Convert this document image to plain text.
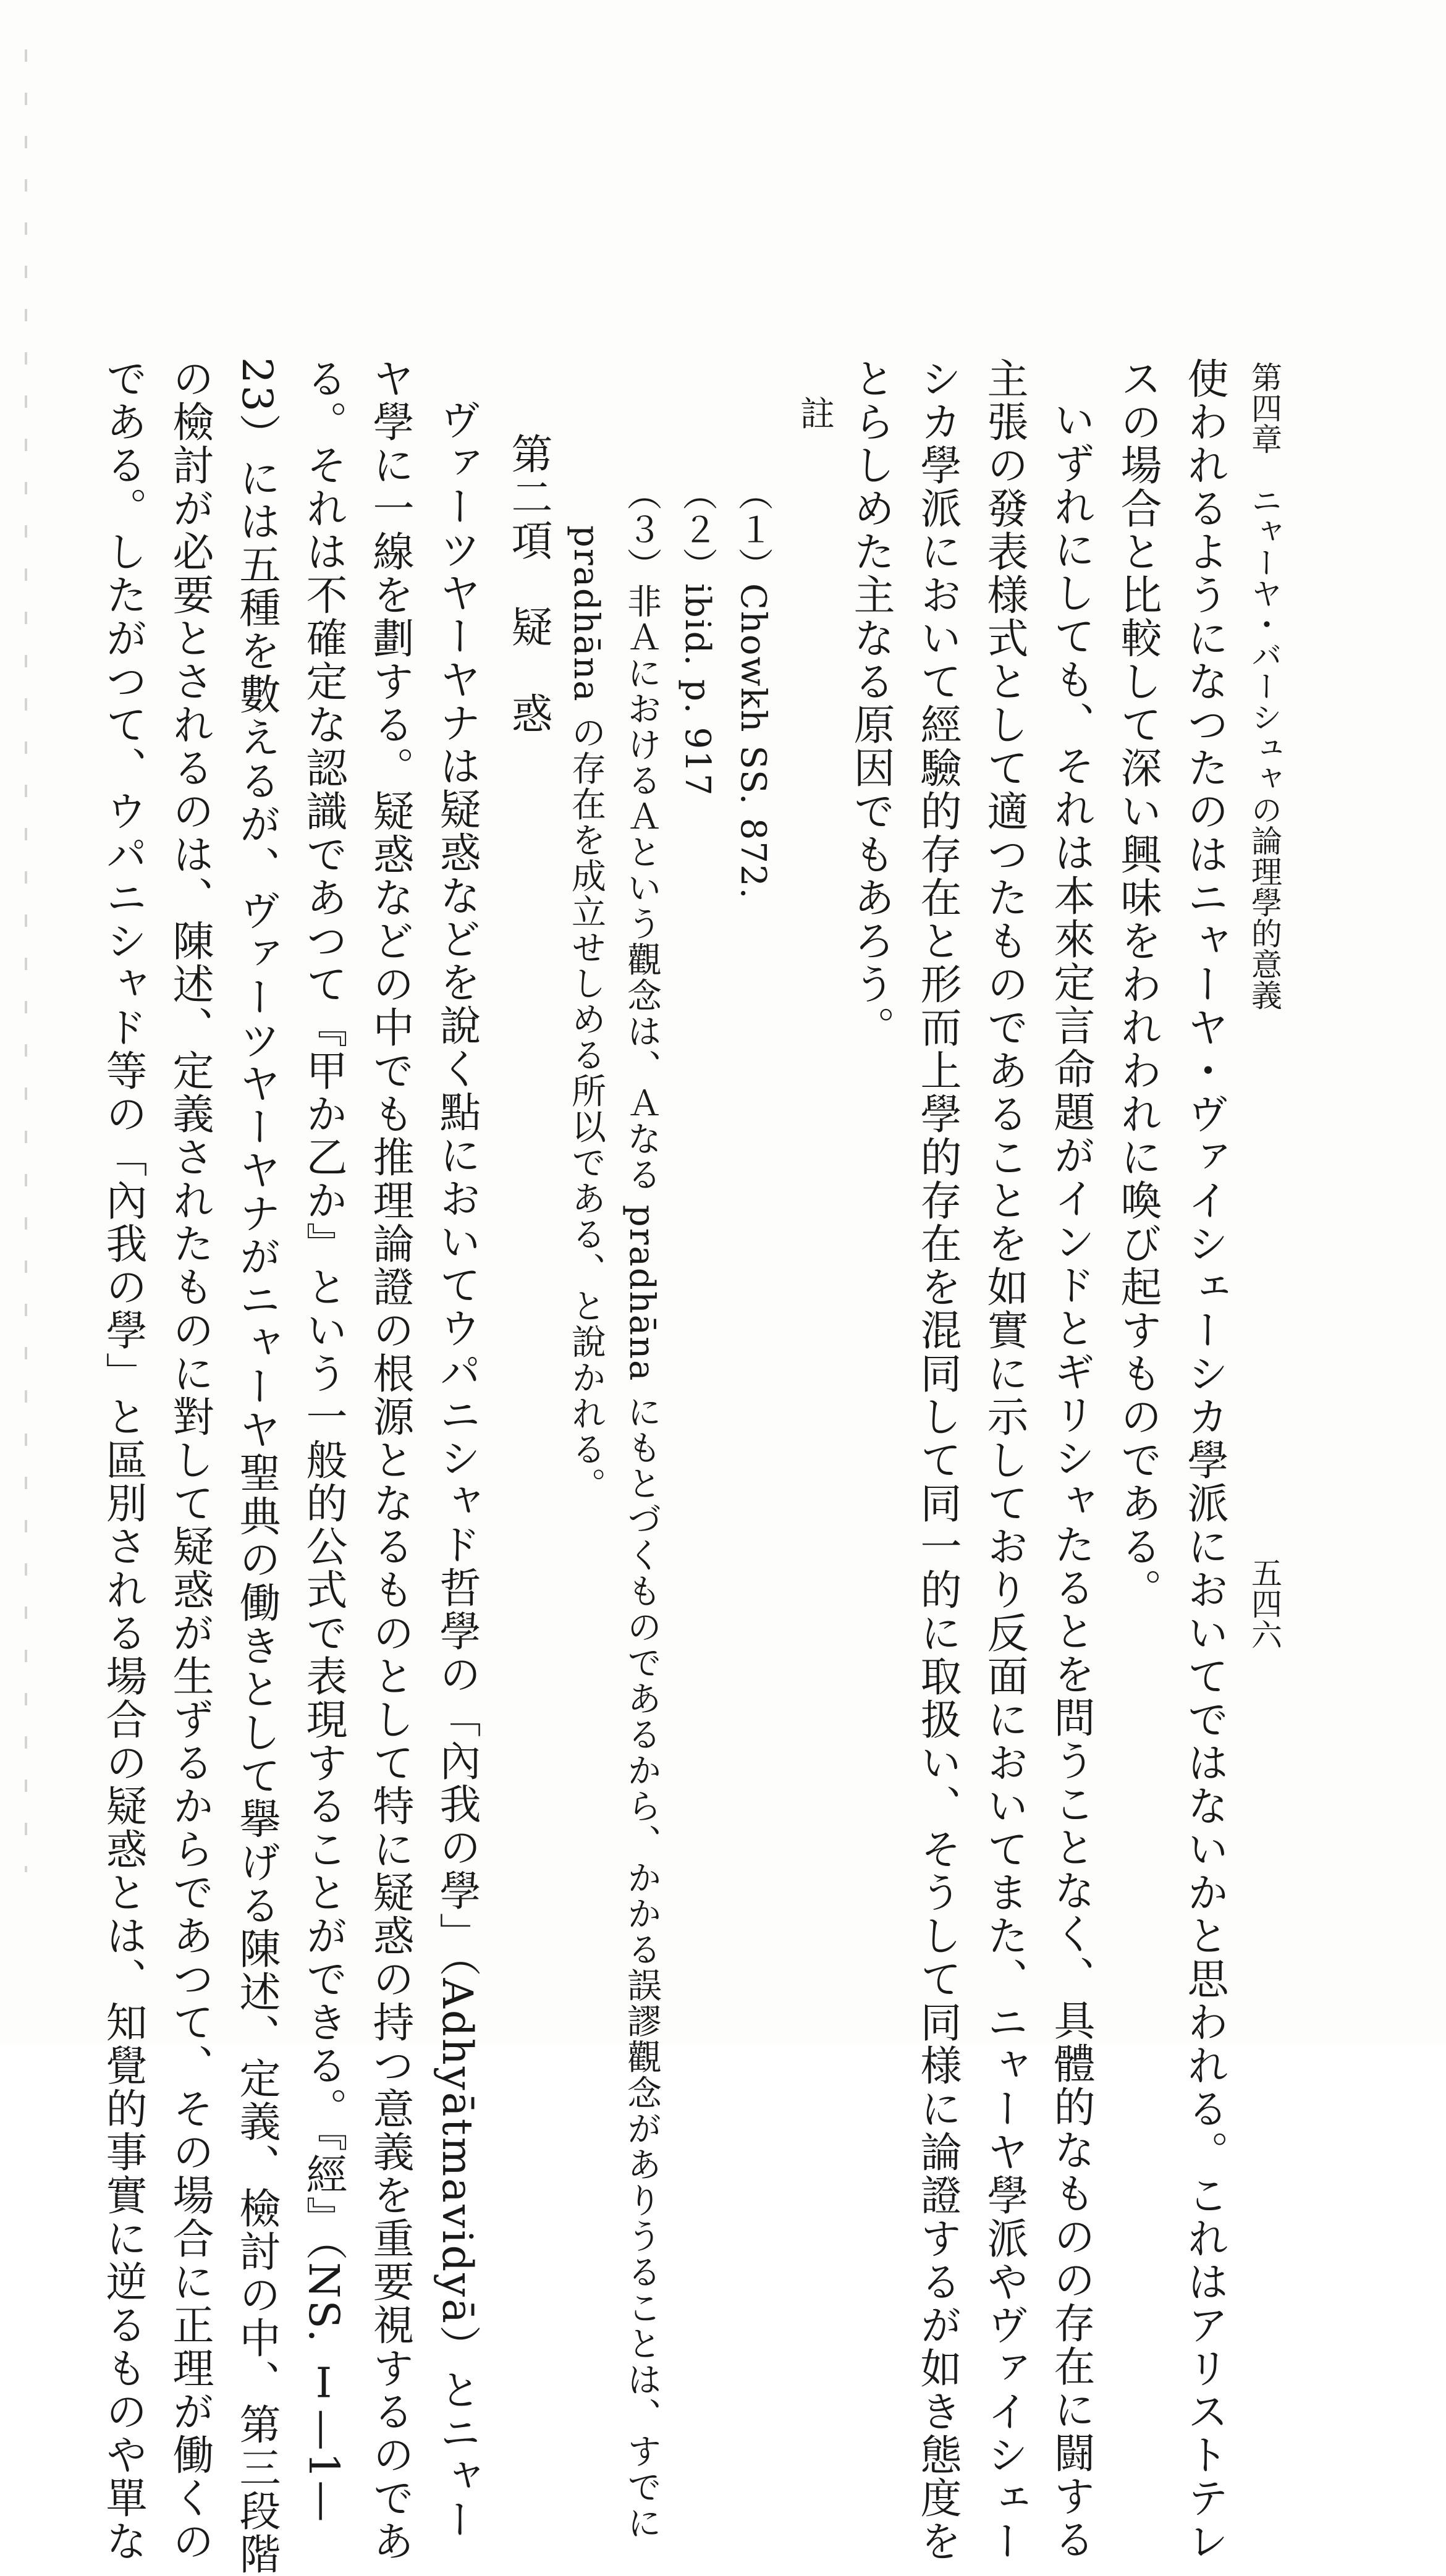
第四章　ニャーヤ・バーシュャの論理學的意義
五四六
使われるようになつたのはニャーヤ・ヴァイシェーシカ學派においてではないかと思われる。これはアリストテレ
スの場合と比較して深い興味をわれわれに喚び起すものである。
いずれにしても、それは本來定言命題がインドとギリシャたるとを問うことなく、具體的なものの存在に闘する
主張の發表様式として適つたものであることを如實に示しており反面においてまた、ニャーヤ學派やヴァイシェー
シカ學派において經驗的存在と形而上學的存在を混同して同一的に取扱い、そうして同様に論證するが如き態度を
とらしめた主なる原因でもあろう。
註
（１）Chowkh SS. 872.
（２）ibid. p. 917
（３）非ＡにおけるＡという觀念は、Ａなる pradhāna にもとづくものであるから、かかる誤謬觀念がありうることは、すでに
pradhāna の存在を成立せしめる所以である、と說かれる。
第二項　疑　惑
ヴァーツヤーヤナは疑惑などを說く點においてウパニシャド哲學の「內我の學」（Adhyātmavidyā）とニャー
ヤ學に一線を劃する。疑惑などの中でも推理論證の根源となるものとして特に疑惑の持つ意義を重要視するのであ
る。それは不確定な認識であつて『甲か乙か』という一般的公式で表現することができる。『經』（NS. Ⅰ—1—
23）には五種を數えるが、ヴァーツヤーヤナがニャーヤ聖典の働きとして擧げる陳述、定義、檢討の中、第三段階
の檢討が必要とされるのは、陳述、定義されたものに對して疑惑が生ずるからであつて、その場合に正理が働くの
である。したがつて、ウパニシャド等の「內我の學」と區別される場合の疑惑とは、知覺的事實に逆るものや單な
